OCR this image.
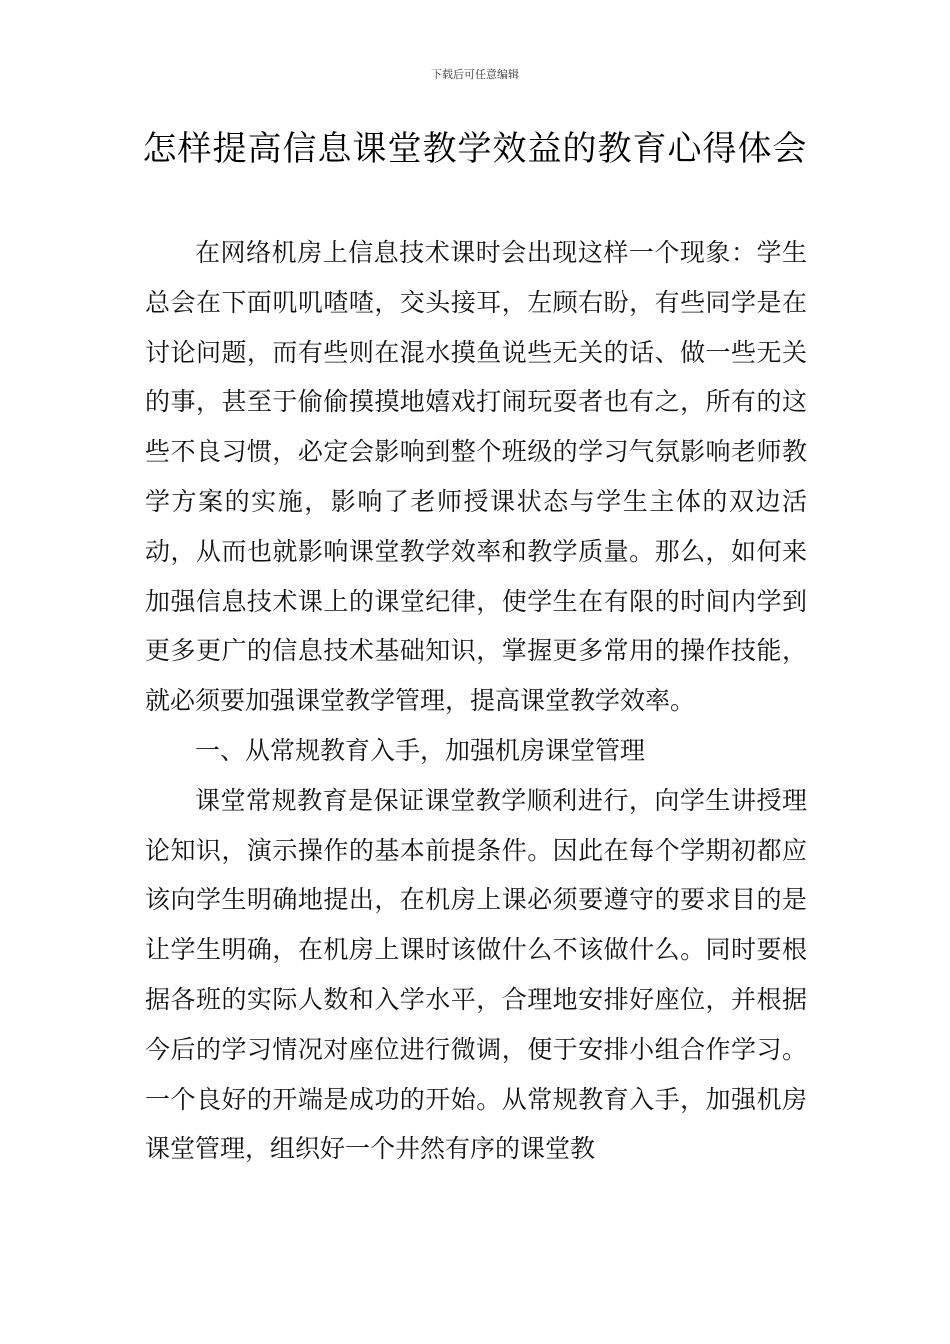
下载后可任意编辑
怎样提高信息课堂教学效益的教育心得体会

在网络机房上信息技术课时会出现这样一个现象：学生总会在下面叽叽喳喳，交头接耳，左顾右盼，有些同学是在讨论问题，而有些则在混水摸鱼说些无关的话、做一些无关的事，甚至于偷偷摸摸地嬉戏打闹玩耍者也有之，所有的这些不良习惯，必定会影响到整个班级的学习气氛影响老师教学方案的实施，影响了老师授课状态与学生主体的双边活动，从而也就影响课堂教学效率和教学质量。那么，如何来加强信息技术课上的课堂纪律，使学生在有限的时间内学到更多更广的信息技术基础知识，掌握更多常用的操作技能，就必须要加强课堂教学管理，提高课堂教学效率。

一、从常规教育入手，加强机房课堂管理

课堂常规教育是保证课堂教学顺利进行，向学生讲授理论知识，演示操作的基本前提条件。因此在每个学期初都应该向学生明确地提出，在机房上课必须要遵守的要求目的是让学生明确，在机房上课时该做什么不该做什么。同时要根据各班的实际人数和入学水平，合理地安排好座位，并根据今后的学习情况对座位进行微调，便于安排小组合作学习。一个良好的开端是成功的开始。从常规教育入手，加强机房课堂管理，组织好一个井然有序的课堂教
